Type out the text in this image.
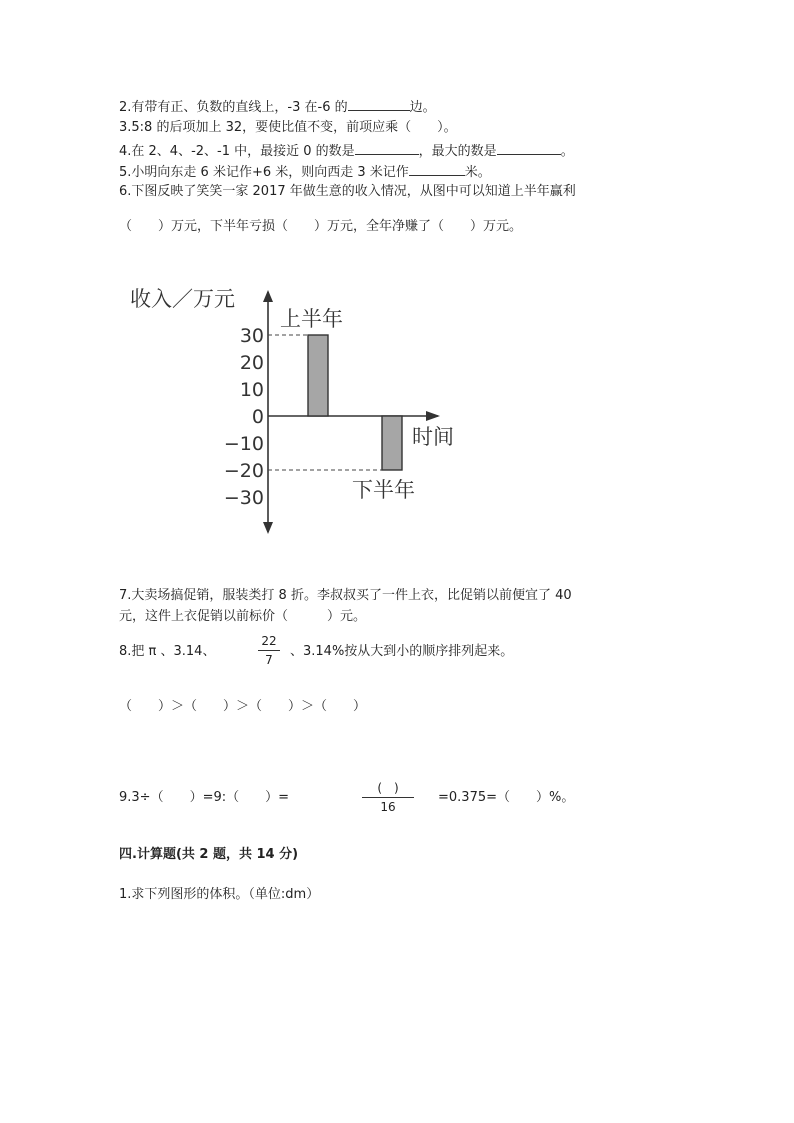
2.有带有正、负数的直线上，-3 在-6 的	边。
3.5:8 的后项加上 32，要使比值不变，前项应乘（　　）。
4.在 2、4、-2、-1 中，最接近 0 的数是	，最大的数是	。
5.小明向东走 6 米记作+6 米，则向西走 3 米记作	米。
6.下图反映了笑笑一家 2017 年做生意的收入情况，从图中可以知道上半年赢利
（　　）万元，下半年亏损（　　）万元，全年净赚了（　　）万元。
收入／万元
时间
30
20
10
0
−10
−20
−30
上半年
下半年
7.大卖场搞促销，服装类打 8 折。李叔叔买了一件上衣，比促销以前便宜了 40
元，这件上衣促销以前标价（　　　）元。
8.把 π 、3.14、
22
7
、3.14%按从大到小的顺序排列起来。
（　　）＞（　　）＞（　　）＞（　　）
9.3÷（　　）=9:（　　）=
(　)
16
=0.375=（　　）%。
四.计算题(共 2 题，共 14 分)
1.求下列图形的体积。（单位:dm）
